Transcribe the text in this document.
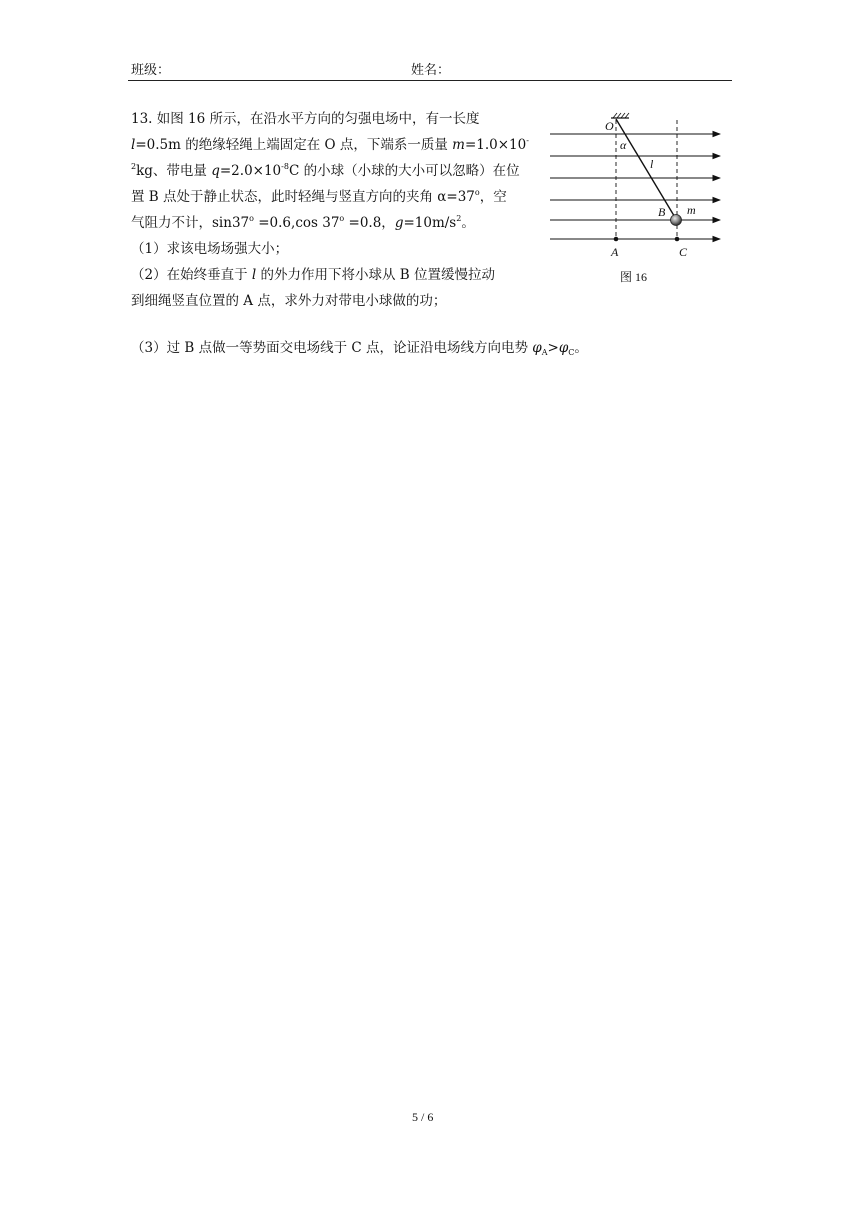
班级：	姓名：
13. 如图 16 所示，在沿水平方向的匀强电场中，有一长度
l=0.5m 的绝缘轻绳上端固定在 O 点，下端系一质量 m=1.0×10-
$^2$kg、带电量 $q=2.0\times 10^{-8}C$ 的小球（小球的大小可以忽略）在位
置 B 点处于静止状态，此时轻绳与竖直方向的夹角 $\alpha=37^o$，空
气阻力不计，$\sin 37^o =0.6,\cos$ $37^o =0.8$，$g=10m/s^2$。
（1）求该电场场强大小；
（2）在始终垂直于 l 的外力作用下将小球从 B 位置缓慢拉动
到细绳竖直位置的 A 点，求外力对带电小球做的功；
（3）过 B 点做一等势面交电场线于 C 点，论证沿电场线方向电势 $\varphi_A>\varphi_C$。
O
α
l
B m
A	C
图 16
5 / 6
